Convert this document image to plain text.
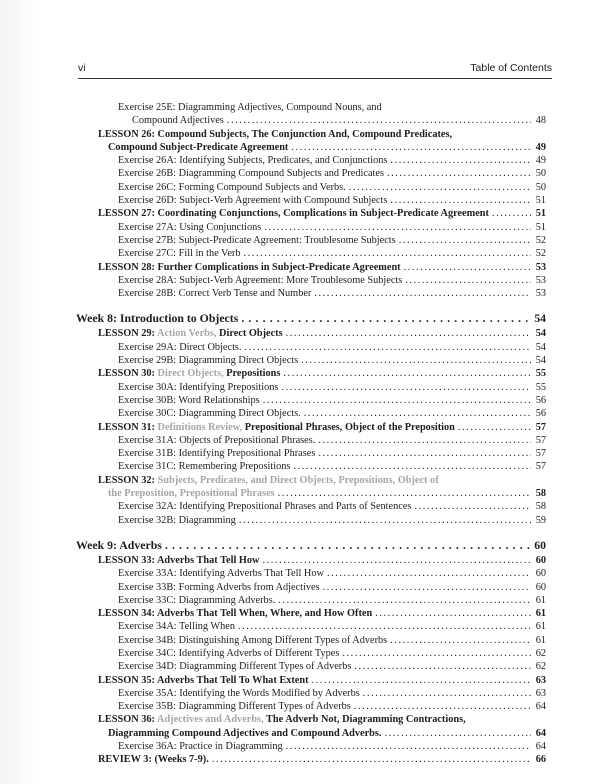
vi	Table of Contents
Exercise 25E: Diagramming Adjectives, Compound Nouns, and
Compound Adjectives . . .	48
LESSON 26: Compound Subjects, The Conjunction And, Compound Predicates,
Compound Subject-Predicate Agreement . . .	49
Exercise 26A: Identifying Subjects, Predicates, and Conjunctions . . .	49
Exercise 26B: Diagramming Compound Subjects and Predicates . . .	50
Exercise 26C: Forming Compound Subjects and Verbs. . . .	50
Exercise 26D: Subject-Verb Agreement with Compound Subjects . . .	51
LESSON 27: Coordinating Conjunctions, Complications in Subject-Predicate Agreement . . .	51
Exercise 27A: Using Conjunctions . . .	51
Exercise 27B: Subject-Predicate Agreement: Troublesome Subjects . . .	52
Exercise 27C: Fill in the Verb . . .	52
LESSON 28: Further Complications in Subject-Predicate Agreement . . .	53
Exercise 28A: Subject-Verb Agreement: More Troublesome Subjects . . .	53
Exercise 28B: Correct Verb Tense and Number . . .	53
Week 8: Introduction to Objects . . .	54
LESSON 29: Action Verbs, Direct Objects . . .	54
Exercise 29A: Direct Objects. . . .	54
Exercise 29B: Diagramming Direct Objects . . .	54
LESSON 30: Direct Objects, Prepositions . . .	55
Exercise 30A: Identifying Prepositions . . .	55
Exercise 30B: Word Relationships . . .	56
Exercise 30C: Diagramming Direct Objects. . . .	56
LESSON 31: Definitions Review, Prepositional Phrases, Object of the Preposition . . .	57
Exercise 31A: Objects of Prepositional Phrases. . . .	57
Exercise 31B: Identifying Prepositional Phrases . . .	57
Exercise 31C: Remembering Prepositions . . .	57
LESSON 32: Subjects, Predicates, and Direct Objects, Prepositions, Object of
the Preposition, Prepositional Phrases . . .	58
Exercise 32A: Identifying Prepositional Phrases and Parts of Sentences . . .	58
Exercise 32B: Diagramming . . .	59
Week 9: Adverbs . . .	60
LESSON 33: Adverbs That Tell How . . .	60
Exercise 33A: Identifying Adverbs That Tell How . . .	60
Exercise 33B: Forming Adverbs from Adjectives . . .	60
Exercise 33C: Diagramming Adverbs. . . .	61
LESSON 34: Adverbs That Tell When, Where, and How Often . . .	61
Exercise 34A: Telling When . . .	61
Exercise 34B: Distinguishing Among Different Types of Adverbs . . .	61
Exercise 34C: Identifying Adverbs of Different Types . . .	62
Exercise 34D: Diagramming Different Types of Adverbs . . .	62
LESSON 35: Adverbs That Tell To What Extent . . .	63
Exercise 35A: Identifying the Words Modified by Adverbs . . .	63
Exercise 35B: Diagramming Different Types of Adverbs . . .	64
LESSON 36: Adjectives and Adverbs, The Adverb Not, Diagramming Contractions,
Diagramming Compound Adjectives and Compound Adverbs. . . .	64
Exercise 36A: Practice in Diagramming . . .	64
REVIEW 3: (Weeks 7-9). . . .	66
